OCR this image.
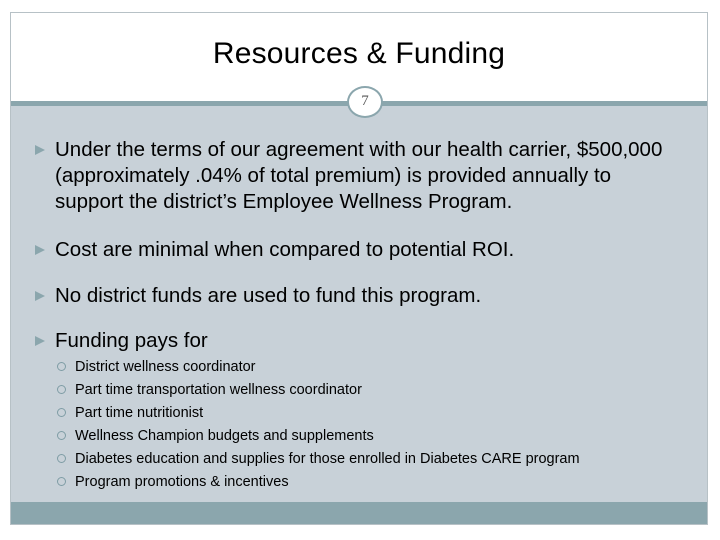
Resources & Funding
Under the terms of our agreement with our health carrier, $500,000 (approximately .04% of total premium) is provided annually to support the district’s Employee Wellness Program.
Cost are minimal when compared to potential ROI.
No district funds are used to fund this program.
Funding pays for
District wellness coordinator
Part time transportation wellness coordinator
Part time nutritionist
Wellness Champion budgets and supplements
Diabetes education and supplies for those enrolled in Diabetes CARE program
Program promotions & incentives
7
